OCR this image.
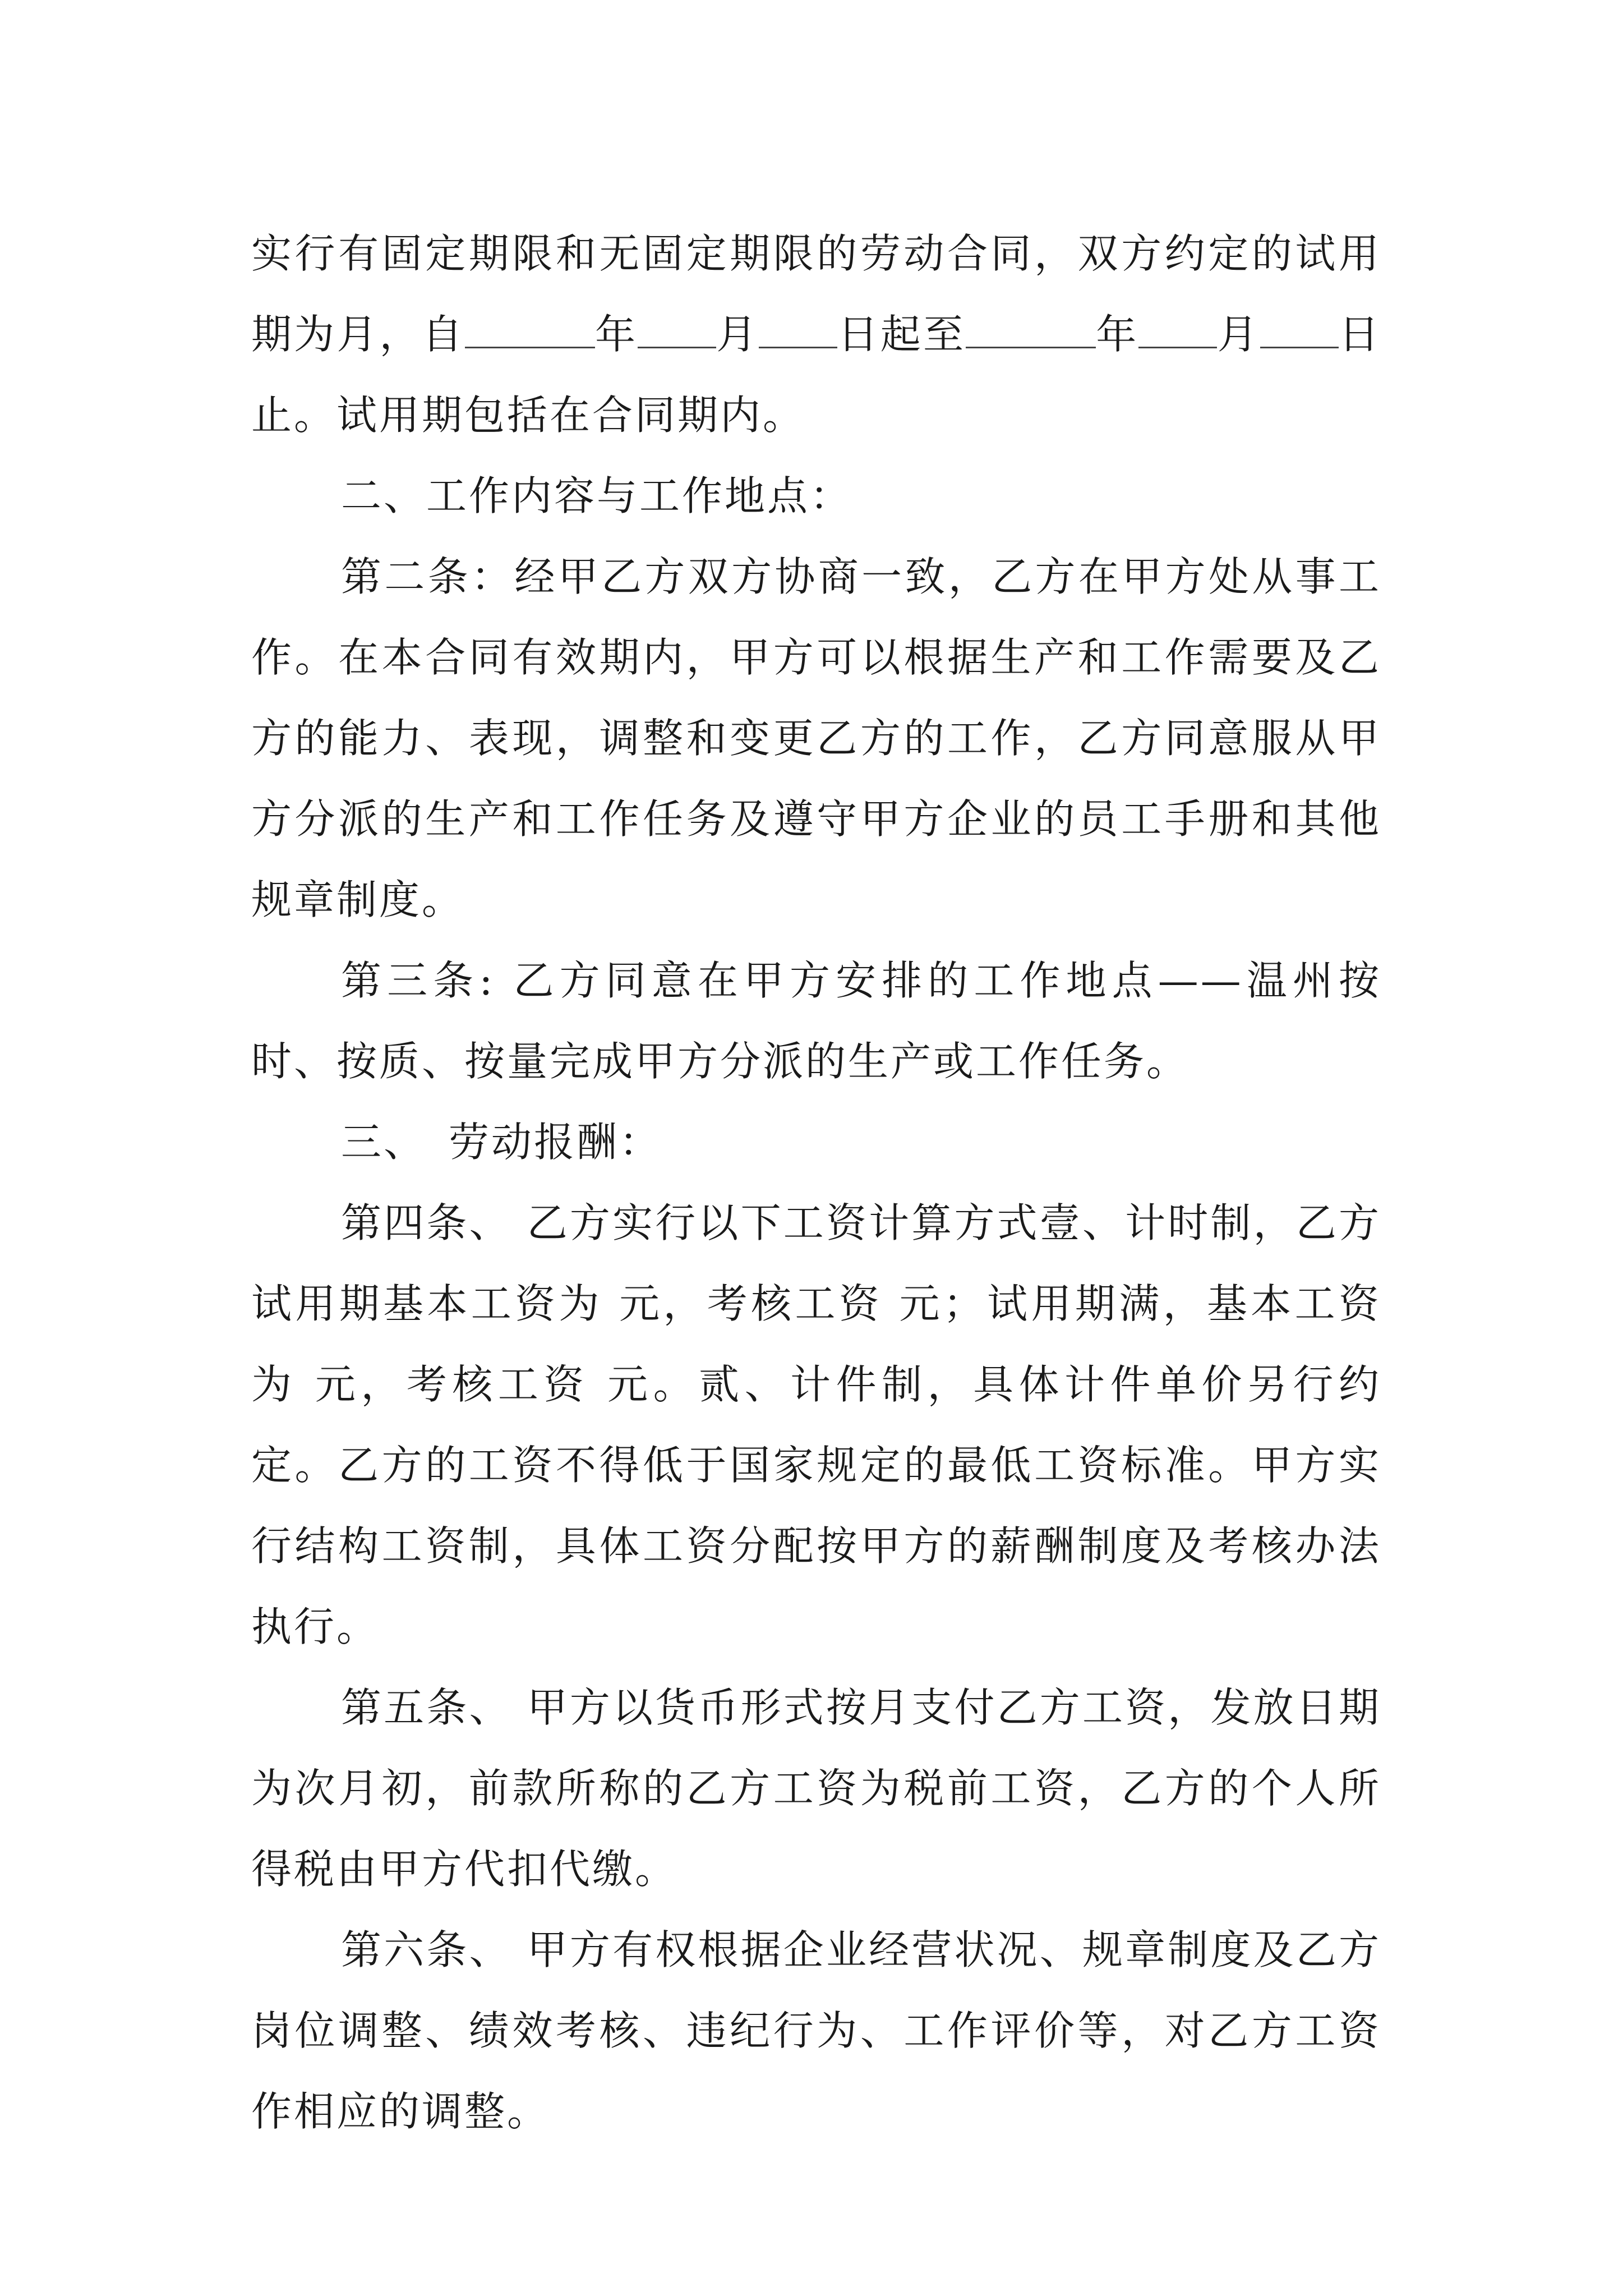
实行有固定期限和无固定期限的劳动合同，双方约定的试用期为月，自	年 月 日起至	年 月 日止。试用期包括在合同期内。

二、工作内容与工作地点：

第二条：经甲乙方双方协商一致，乙方在甲方处从事工作。在本合同有效期内，甲方可以根据生产和工作需要及乙方的能力、表现，调整和变更乙方的工作，乙方同意服从甲方分派的生产和工作任务及遵守甲方企业的员工手册和其他规章制度。

第三条: 乙方同意在甲方安排的工作地点——温州按时、按质、按量完成甲方分派的生产或工作任务。

三、 劳动报酬：

第四条、 乙方实行以下工资计算方式壹、计时制，乙方试用期基本工资为 元，考核工资 元；试用期满，基本工资为 元，考核工资 元。贰、计件制，具体计件单价另行约定。乙方的工资不得低于国家规定的最低工资标准。甲方实行结构工资制，具体工资分配按甲方的薪酬制度及考核办法执行。

第五条、 甲方以货币形式按月支付乙方工资，发放日期为次月初，前款所称的乙方工资为税前工资，乙方的个人所得税由甲方代扣代缴。

第六条、 甲方有权根据企业经营状况、规章制度及乙方岗位调整、绩效考核、违纪行为、工作评价等，对乙方工资作相应的调整。
